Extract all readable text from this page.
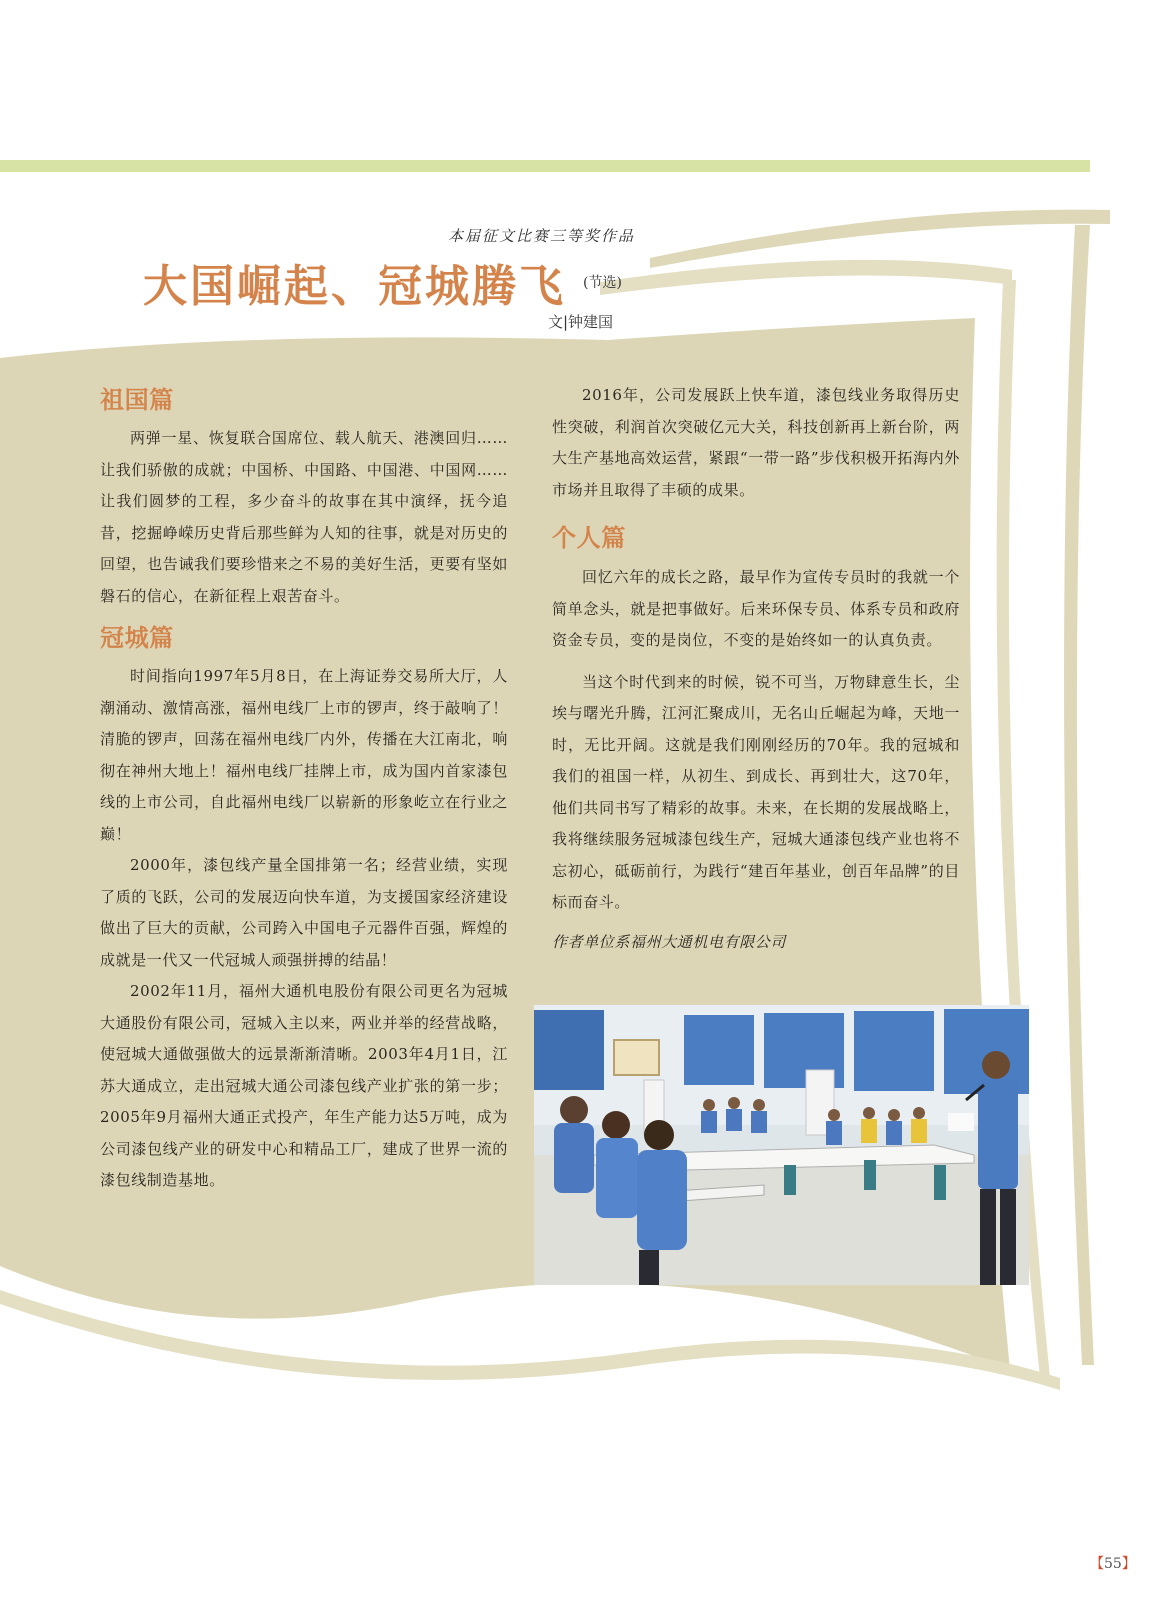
本届征文比赛三等奖作品
大国崛起、冠城腾飞 (节选)
文|钟建国
祖国篇

两弹一星、恢复联合国席位、载人航天、港澳回归……让我们骄傲的成就；中国桥、中国路、中国港、中国网……让我们圆梦的工程，多少奋斗的故事在其中演绎，抚今追昔，挖掘峥嵘历史背后那些鲜为人知的往事，就是对历史的回望，也告诫我们要珍惜来之不易的美好生活，更要有坚如磐石的信心，在新征程上艰苦奋斗。

冠城篇

时间指向1997年5月8日，在上海证券交易所大厅，人潮涌动、激情高涨，福州电线厂上市的锣声，终于敲响了！清脆的锣声，回荡在福州电线厂内外，传播在大江南北，响彻在神州大地上！福州电线厂挂牌上市，成为国内首家漆包线的上市公司，自此福州电线厂以崭新的形象屹立在行业之巅！

2000年，漆包线产量全国排第一名；经营业绩，实现了质的飞跃，公司的发展迈向快车道，为支援国家经济建设做出了巨大的贡献，公司跨入中国电子元器件百强，辉煌的成就是一代又一代冠城人顽强拼搏的结晶！

2002年11月，福州大通机电股份有限公司更名为冠城大通股份有限公司，冠城入主以来，两业并举的经营战略，使冠城大通做强做大的远景渐渐清晰。2003年4月1日，江苏大通成立，走出冠城大通公司漆包线产业扩张的第一步；2005年9月福州大通正式投产，年生产能力达5万吨，成为公司漆包线产业的研发中心和精品工厂，建成了世界一流的漆包线制造基地。

2016年，公司发展跃上快车道，漆包线业务取得历史性突破，利润首次突破亿元大关，科技创新再上新台阶，两大生产基地高效运营，紧跟“一带一路”步伐积极开拓海内外市场并且取得了丰硕的成果。

个人篇

回忆六年的成长之路，最早作为宣传专员时的我就一个简单念头，就是把事做好。后来环保专员、体系专员和政府资金专员，变的是岗位，不变的是始终如一的认真负责。

当这个时代到来的时候，锐不可当，万物肆意生长，尘埃与曙光升腾，江河汇聚成川，无名山丘崛起为峰，天地一时，无比开阔。这就是我们刚刚经历的70年。我的冠城和我们的祖国一样，从初生、到成长、再到壮大，这70年，他们共同书写了精彩的故事。未来，在长期的发展战略上，我将继续服务冠城漆包线生产，冠城大通漆包线产业也将不忘初心，砥砺前行，为践行“建百年基业，创百年品牌”的目标而奋斗。

作者单位系福州大通机电有限公司

【55】
